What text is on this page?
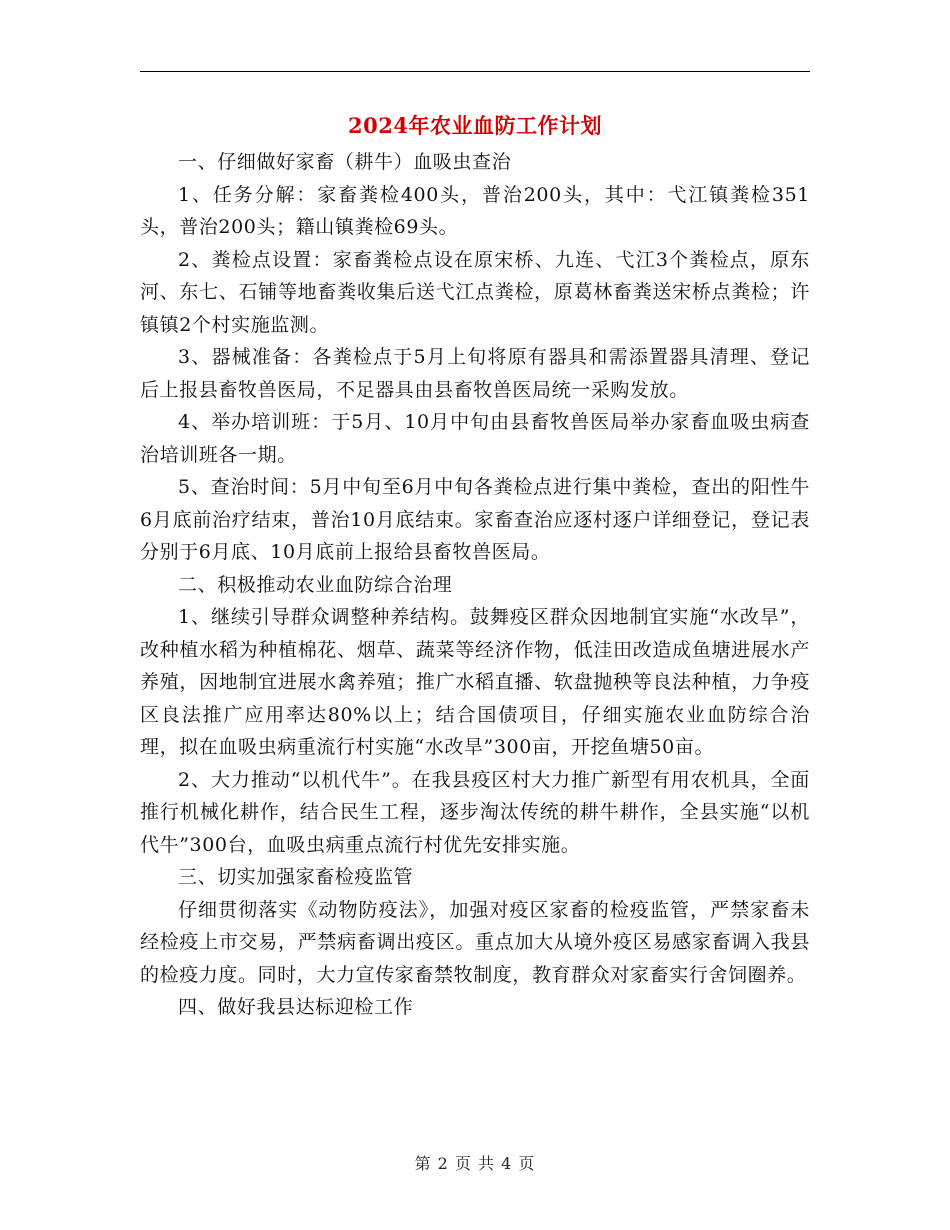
2024年农业血防工作计划

一、仔细做好家畜（耕牛）血吸虫查治

1、任务分解：家畜粪检400头，普治200头，其中：弋江镇粪检351头，普治200头；籍山镇粪检69头。

2、粪检点设置：家畜粪检点设在原宋桥、九连、弋江3个粪检点，原东河、东七、石铺等地畜粪收集后送弋江点粪检，原葛林畜粪送宋桥点粪检；许镇镇2个村实施监测。

3、器械准备：各粪检点于5月上旬将原有器具和需添置器具清理、登记后上报县畜牧兽医局，不足器具由县畜牧兽医局统一采购发放。

4、举办培训班：于5月、10月中旬由县畜牧兽医局举办家畜血吸虫病查治培训班各一期。

5、查治时间：5月中旬至6月中旬各粪检点进行集中粪检，查出的阳性牛6月底前治疗结束，普治10月底结束。家畜查治应逐村逐户详细登记，登记表分别于6月底、10月底前上报给县畜牧兽医局。

二、积极推动农业血防综合治理

1、继续引导群众调整种养结构。鼓舞疫区群众因地制宜实施“水改旱”，改种植水稻为种植棉花、烟草、蔬菜等经济作物，低洼田改造成鱼塘进展水产养殖，因地制宜进展水禽养殖；推广水稻直播、软盘抛秧等良法种植，力争疫区良法推广应用率达80%以上；结合国债项目，仔细实施农业血防综合治理，拟在血吸虫病重流行村实施“水改旱”300亩，开挖鱼塘50亩。

2、大力推动“以机代牛”。在我县疫区村大力推广新型有用农机具，全面推行机械化耕作，结合民生工程，逐步淘汰传统的耕牛耕作，全县实施“以机代牛”300台，血吸虫病重点流行村优先安排实施。

三、切实加强家畜检疫监管

仔细贯彻落实《动物防疫法》，加强对疫区家畜的检疫监管，严禁家畜未经检疫上市交易，严禁病畜调出疫区。重点加大从境外疫区易感家畜调入我县的检疫力度。同时，大力宣传家畜禁牧制度，教育群众对家畜实行舍饲圈养。

四、做好我县达标迎检工作

第 2 页 共 4 页
